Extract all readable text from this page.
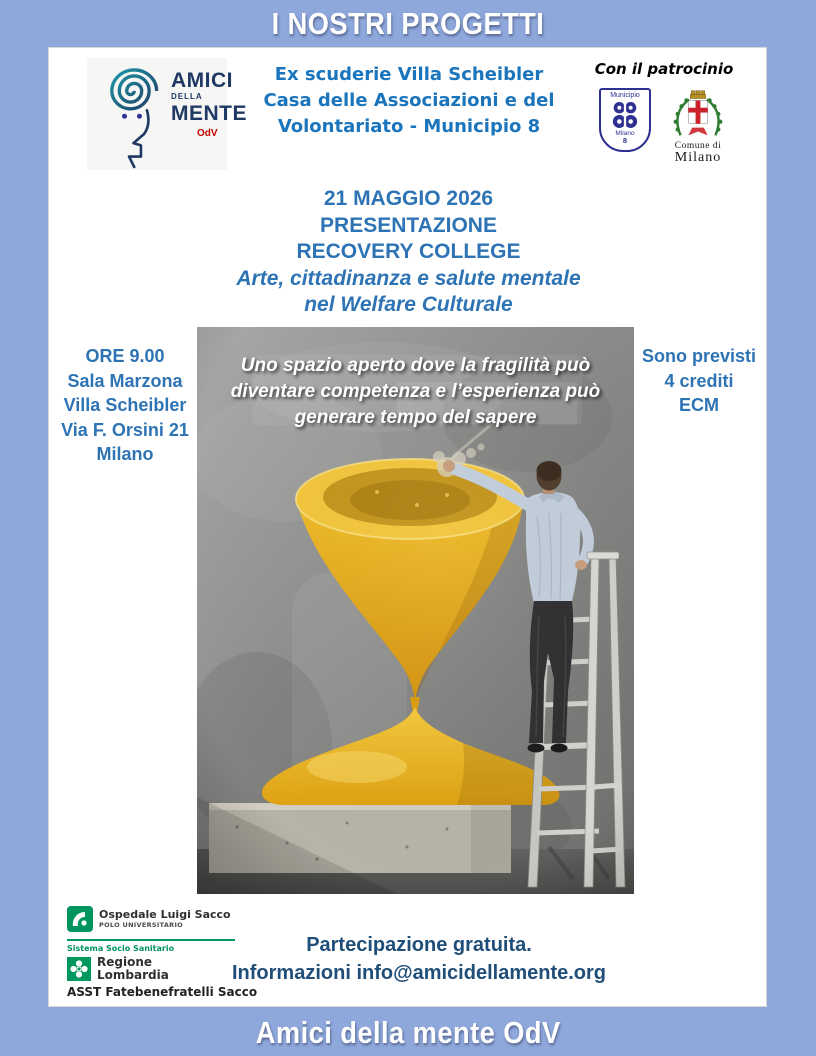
I NOSTRI PROGETTI
AMICI
DELLA
MENTE
OdV
Ex scuderie Villa Scheibler
Casa delle Associazioni e del
Volontariato - Municipio 8
Con il patrocinio
Municipio
Milano
8
Comune di
Milano
21 MAGGIO 2026
PRESENTAZIONE
RECOVERY COLLEGE
Arte, cittadinanza e salute mentale
nel Welfare Culturale
ORE 9.00
Sala Marzona
Villa Scheibler
Via F. Orsini 21
Milano
Sono previsti
4 crediti
ECM
Uno spazio aperto dove la fragilità può
diventare competenza e l’esperienza può
generare tempo del sapere
Ospedale Luigi Sacco
POLO UNIVERSITARIO
Sistema Socio Sanitario
Regione
Lombardia
ASST Fatebenefratelli Sacco
Partecipazione gratuita.
Informazioni info@amicidellamente.org
Amici della mente OdV
